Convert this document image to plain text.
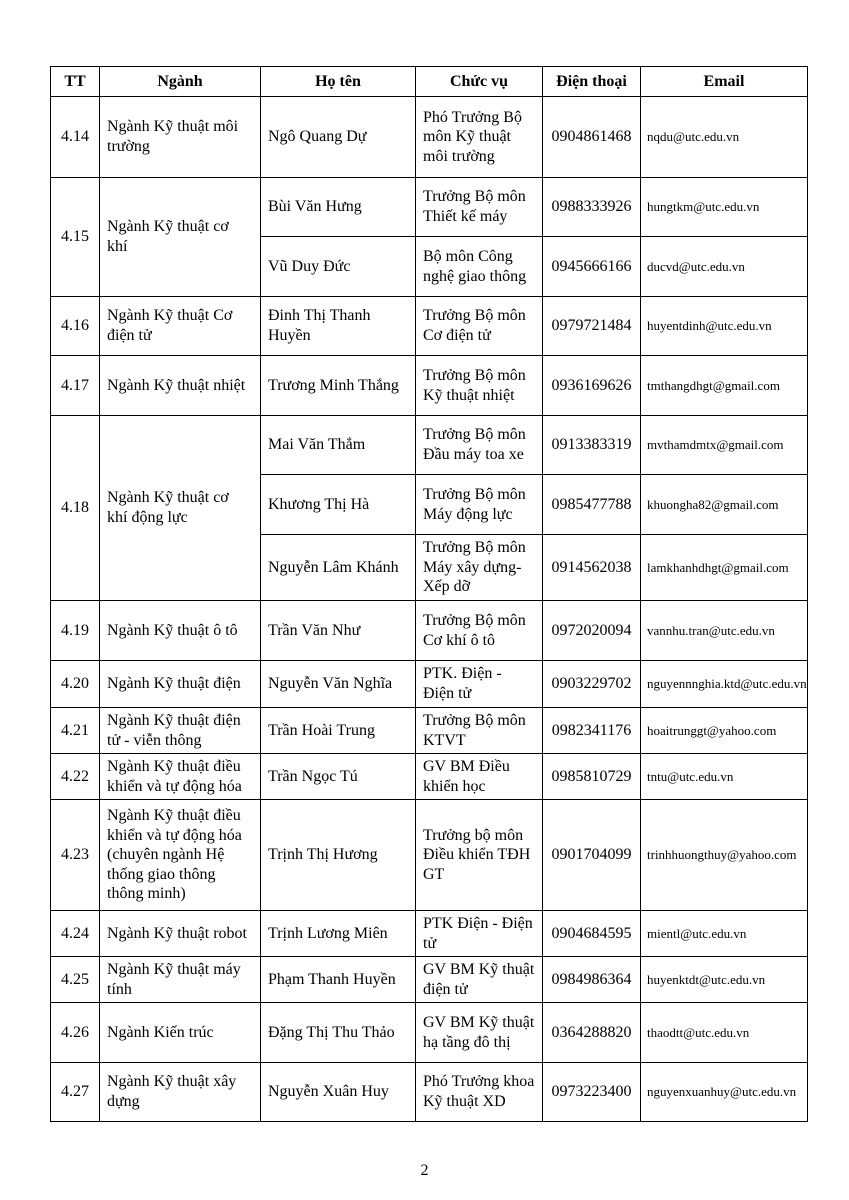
TT	Ngành	Họ tên	Chức vụ	Điện thoại	Email
4.14	Ngành Kỹ thuật môi trường	Ngô Quang Dự	Phó Trưởng Bộ môn Kỹ thuật môi trường	0904861468	nqdu@utc.edu.vn
4.15	Ngành Kỹ thuật cơ khí	Bùi Văn Hưng	Trưởng Bộ môn Thiết kế máy	0988333926	hungtkm@utc.edu.vn
		Vũ Duy Đức	Bộ môn Công nghệ giao thông	0945666166	ducvd@utc.edu.vn
4.16	Ngành Kỹ thuật Cơ điện tử	Đinh Thị Thanh Huyền	Trưởng Bộ môn Cơ điện tử	0979721484	huyentdinh@utc.edu.vn
4.17	Ngành Kỹ thuật nhiệt	Trương Minh Thắng	Trưởng Bộ môn Kỹ thuật nhiệt	0936169626	tmthangdhgt@gmail.com
4.18	Ngành Kỹ thuật cơ khí động lực	Mai Văn Thắm	Trưởng Bộ môn Đầu máy toa xe	0913383319	mvthamdmtx@gmail.com
		Khương Thị Hà	Trưởng Bộ môn Máy động lực	0985477788	khuongha82@gmail.com
		Nguyễn Lâm Khánh	Trưởng Bộ môn Máy xây dựng-Xếp dỡ	0914562038	lamkhanhdhgt@gmail.com
4.19	Ngành Kỹ thuật ô tô	Trần Văn Như	Trưởng Bộ môn Cơ khí ô tô	0972020094	vannhu.tran@utc.edu.vn
4.20	Ngành Kỹ thuật điện	Nguyễn Văn Nghĩa	PTK. Điện - Điện tử	0903229702	nguyennnghia.ktd@utc.edu.vn
4.21	Ngành Kỹ thuật điện tử - viễn thông	Trần Hoài Trung	Trưởng Bộ môn KTVT	0982341176	hoaitrunggt@yahoo.com
4.22	Ngành Kỹ thuật điều khiển và tự động hóa	Trần Ngọc Tú	GV BM Điều khiển học	0985810729	tntu@utc.edu.vn
4.23	Ngành Kỹ thuật điều khiển và tự động hóa (chuyên ngành Hệ thống giao thông thông minh)	Trịnh Thị Hương	Trưởng bộ môn Điều khiển TĐH GT	0901704099	trinhhuongthuy@yahoo.com
4.24	Ngành Kỹ thuật robot	Trịnh Lương Miên	PTK Điện - Điện tử	0904684595	mientl@utc.edu.vn
4.25	Ngành Kỹ thuật máy tính	Phạm Thanh Huyền	GV BM Kỹ thuật điện tử	0984986364	huyenktdt@utc.edu.vn
4.26	Ngành Kiến trúc	Đặng Thị Thu Thảo	GV BM Kỹ thuật hạ tầng đô thị	0364288820	thaodtt@utc.edu.vn
4.27	Ngành Kỹ thuật xây dựng	Nguyễn Xuân Huy	Phó Trưởng khoa Kỹ thuật XD	0973223400	nguyenxuanhuy@utc.edu.vn
2
